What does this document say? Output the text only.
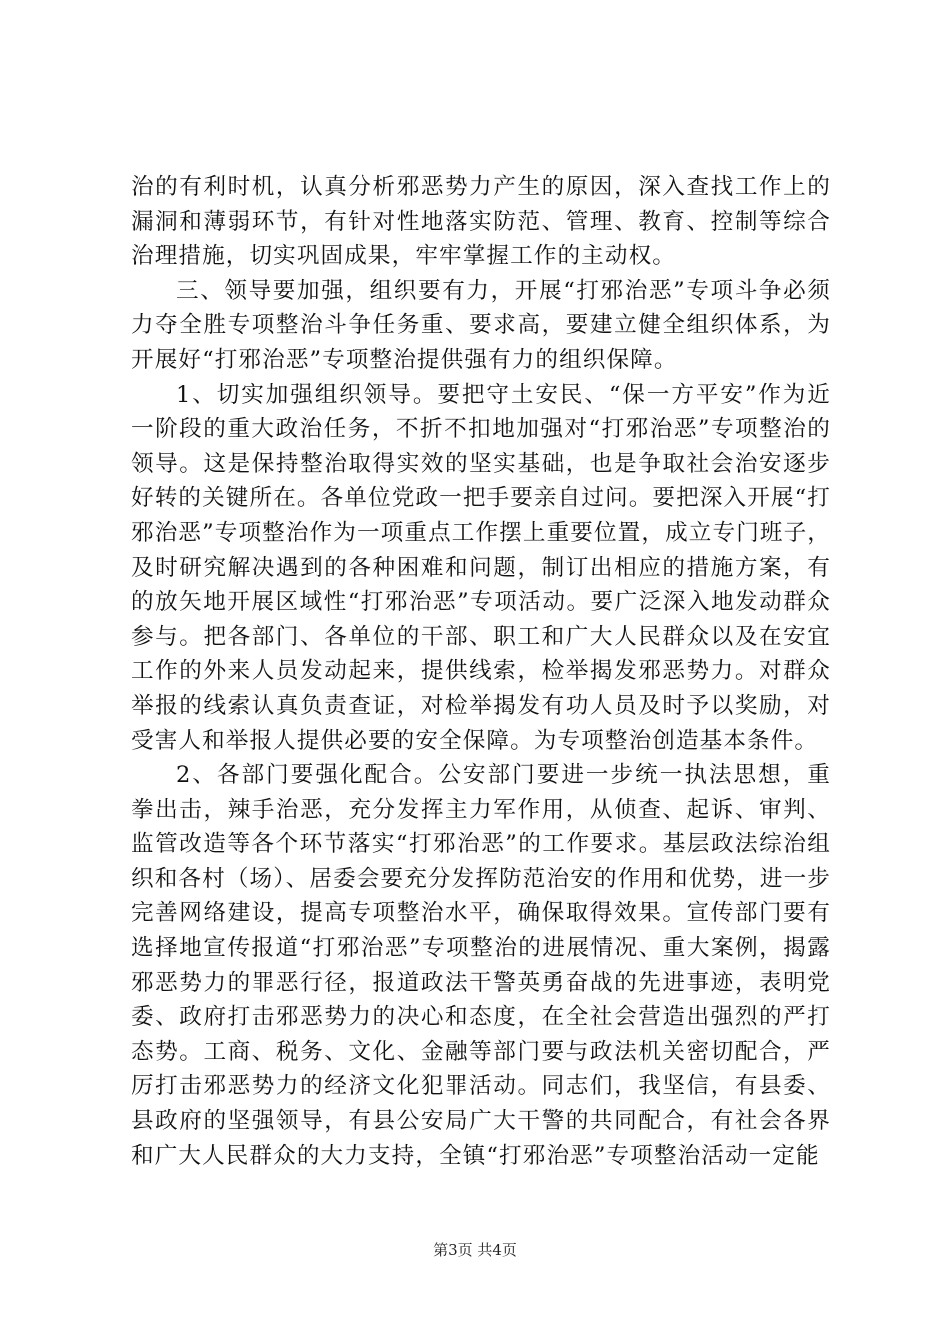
治的有利时机，认真分析邪恶势力产生的原因，深入查找工作上的漏洞和薄弱环节，有针对性地落实防范、管理、教育、控制等综合治理措施，切实巩固成果，牢牢掌握工作的主动权。

三、领导要加强，组织要有力，开展“打邪治恶”专项斗争必须力夺全胜专项整治斗争任务重、要求高，要建立健全组织体系，为开展好“打邪治恶”专项整治提供强有力的组织保障。

1、切实加强组织领导。要把守土安民、“保一方平安”作为近一阶段的重大政治任务，不折不扣地加强对“打邪治恶”专项整治的领导。这是保持整治取得实效的坚实基础，也是争取社会治安逐步好转的关键所在。各单位党政一把手要亲自过问。要把深入开展“打邪治恶”专项整治作为一项重点工作摆上重要位置，成立专门班子，及时研究解决遇到的各种困难和问题，制订出相应的措施方案，有的放矢地开展区域性“打邪治恶”专项活动。要广泛深入地发动群众参与。把各部门、各单位的干部、职工和广大人民群众以及在安宜工作的外来人员发动起来，提供线索，检举揭发邪恶势力。对群众举报的线索认真负责查证，对检举揭发有功人员及时予以奖励，对受害人和举报人提供必要的安全保障。为专项整治创造基本条件。

2、各部门要强化配合。公安部门要进一步统一执法思想，重拳出击，辣手治恶，充分发挥主力军作用，从侦查、起诉、审判、监管改造等各个环节落实“打邪治恶”的工作要求。基层政法综治组织和各村（场）、居委会要充分发挥防范治安的作用和优势，进一步完善网络建设，提高专项整治水平，确保取得效果。宣传部门要有选择地宣传报道“打邪治恶”专项整治的进展情况、重大案例，揭露邪恶势力的罪恶行径，报道政法干警英勇奋战的先进事迹，表明党委、政府打击邪恶势力的决心和态度，在全社会营造出强烈的严打态势。工商、税务、文化、金融等部门要与政法机关密切配合，严厉打击邪恶势力的经济文化犯罪活动。同志们，我坚信，有县委、县政府的坚强领导，有县公安局广大干警的共同配合，有社会各界和广大人民群众的大力支持，全镇“打邪治恶”专项整治活动一定能

第3页 共4页
